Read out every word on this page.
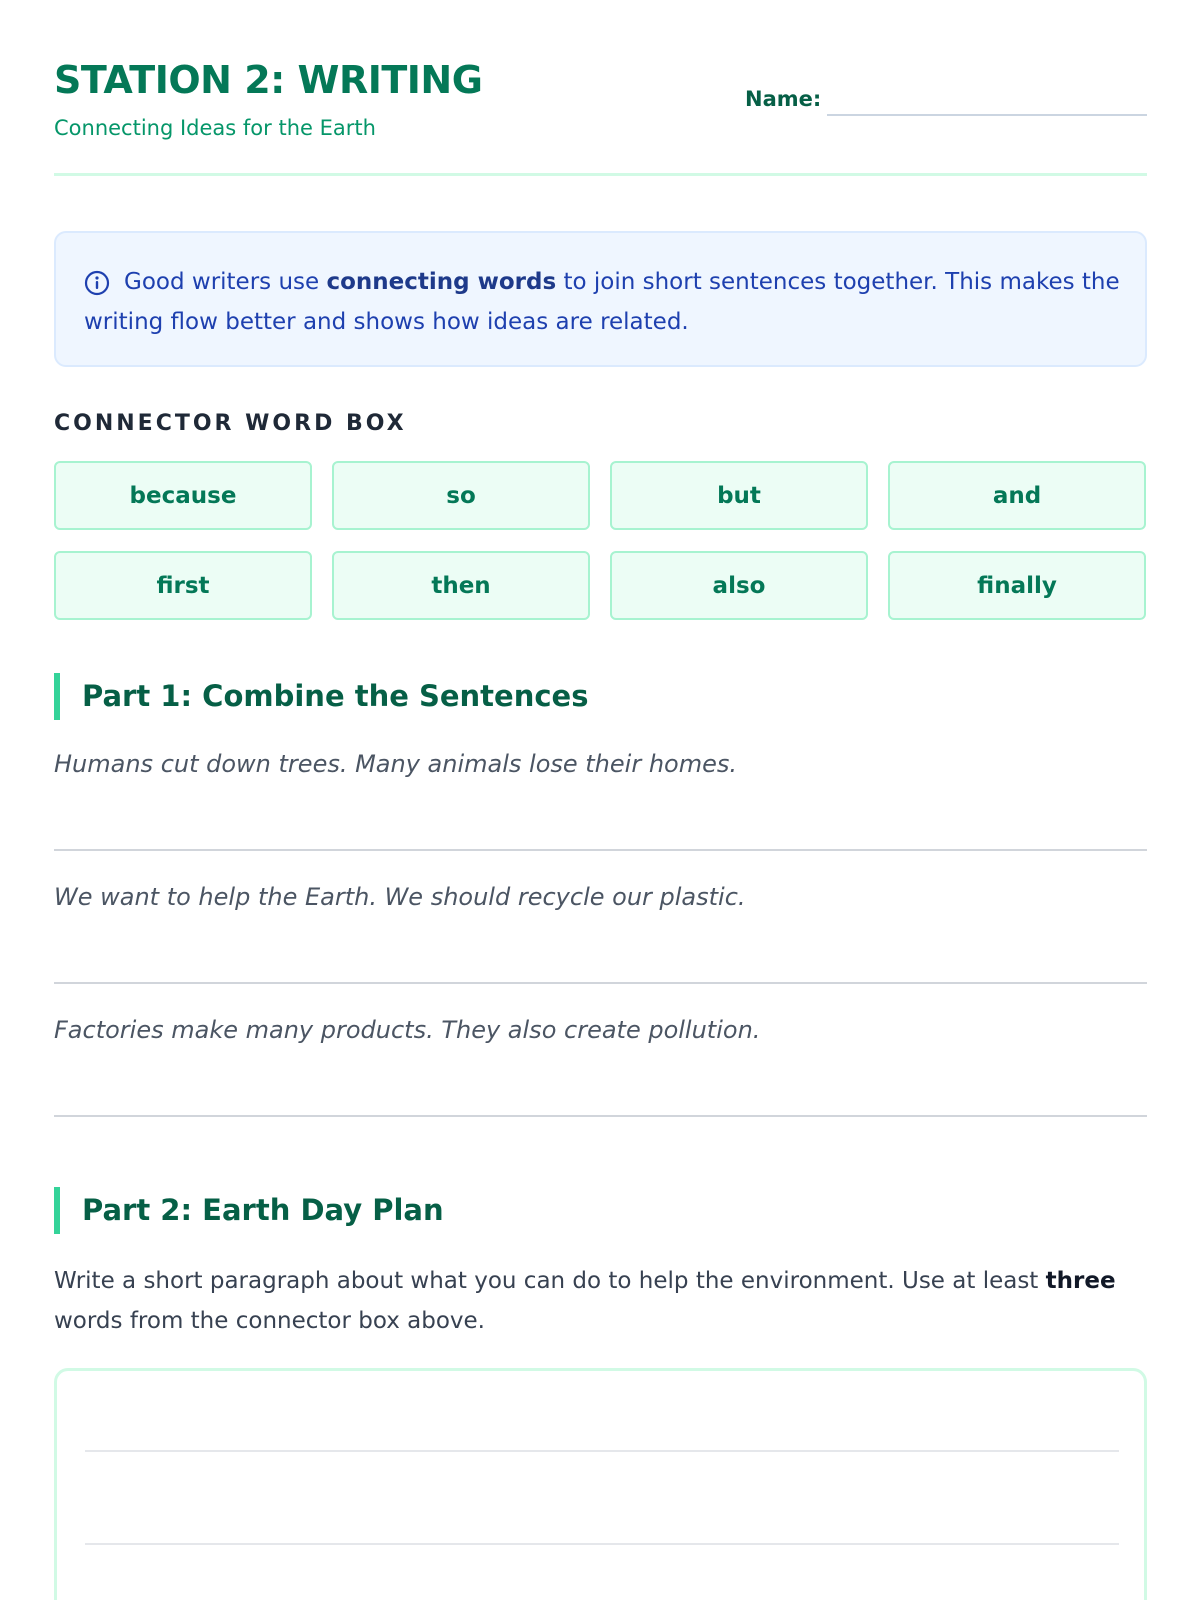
STATION 2: WRITING
Connecting Ideas for the Earth
Name:
Good writers use connecting words to join short sentences together. This makes the writing flow better and shows how ideas are related.
CONNECTOR WORD BOX
because	so	but	and
first	then	also	finally
Part 1: Combine the Sentences
Humans cut down trees. Many animals lose their homes.
We want to help the Earth. We should recycle our plastic.
Factories make many products. They also create pollution.
Part 2: Earth Day Plan
Write a short paragraph about what you can do to help the environment. Use at least three words from the connector box above.
